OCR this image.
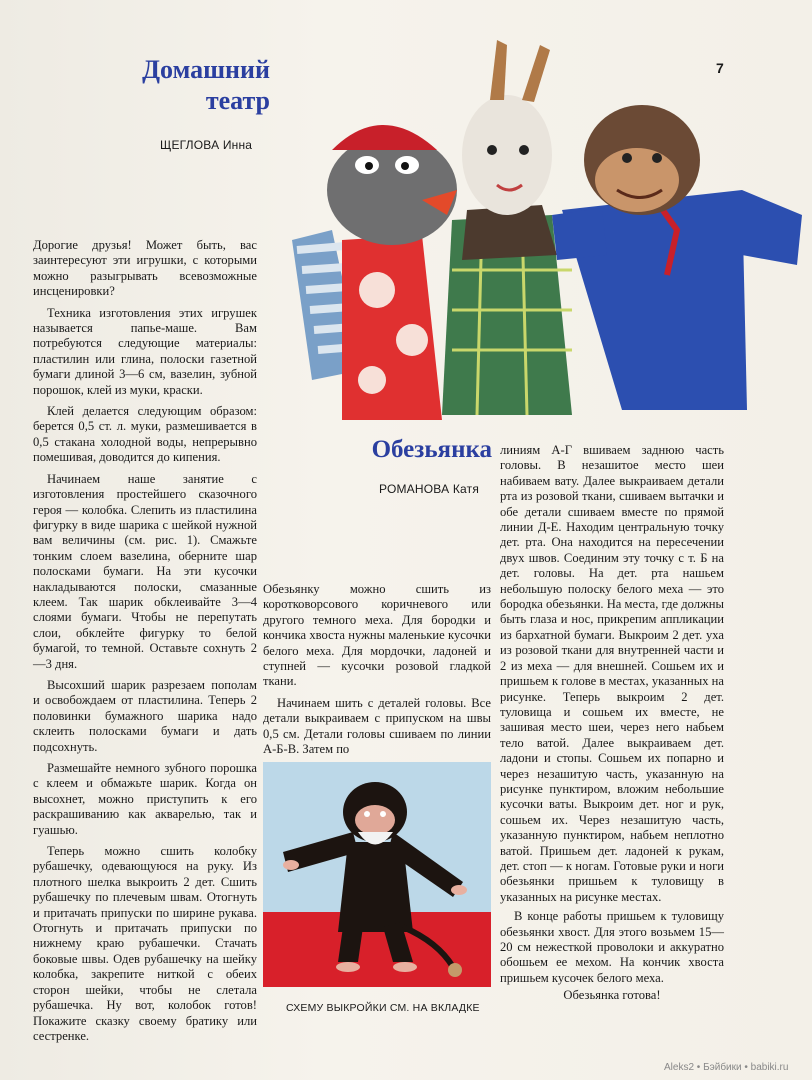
Домашний
театр
7
ЩЕГЛОВА Инна

Дорогие друзья! Может быть, вас заинтересуют эти игрушки, с которыми можно разыгрывать всевозможные инсценировки?

Техника изготовления этих игрушек называется папье-маше. Вам потребуются следующие материалы: пластилин или глина, полоски газетной бумаги длиной 3—6 см, вазелин, зубной порошок, клей из муки, краски.

Клей делается следующим образом: берется 0,5 ст. л. муки, размешивается в 0,5 стакана холодной воды, непрерывно помешивая, доводится до кипения.

Начинаем наше занятие с изготовления простейшего сказочного героя — колобка. Слепить из пластилина фигурку в виде шарика с шейкой нужной вам величины (см. рис. 1). Смажьте тонким слоем вазелина, оберните шар полосками бумаги. На эти кусочки накладываются полоски, смазанные клеем. Так шарик обклеивайте 3—4 слоями бумаги. Чтобы не перепутать слои, обклейте фигурку то белой бумагой, то темной. Оставьте сохнуть 2—3 дня.

Высохший шарик разрезаем пополам и освобождаем от пластилина. Теперь 2 половинки бумажного шарика надо склеить полосками бумаги и дать подсохнуть.

Размешайте немного зубного порошка с клеем и обмажьте шарик. Когда он высохнет, можно приступить к его раскрашиванию как акварелью, так и гуашью.

Теперь можно сшить колобку рубашечку, одевающуюся на руку. Из плотного шелка выкроить 2 дет. Сшить рубашечку по плечевым швам. Отогнуть и притачать припуски по ширине рукава. Отогнуть и притачать припуски по нижнему краю рубашечки. Стачать боковые швы. Одев рубашечку на шейку колобка, закрепите ниткой с обеих сторон шейки, чтобы не слетала рубашечка. Ну вот, колобок готов! Покажите сказку своему братику или сестренке.

Обезьянка
РОМАНОВА Катя

Обезьянку можно сшить из коротковорсового коричневого или другого темного меха. Для бородки и кончика хвоста нужны маленькие кусочки белого меха. Для мордочки, ладоней и ступней — кусочки розовой гладкой ткани.

Начинаем шить с деталей головы. Все детали выкраиваем с припуском на швы 0,5 см. Детали головы сшиваем по линии А-Б-В. Затем по

линиям А-Г вшиваем заднюю часть головы. В незашитое место шеи набиваем вату. Далее выкраиваем детали рта из розовой ткани, сшиваем вытачки и обе детали сшиваем вместе по прямой линии Д-Е. Находим центральную точку дет. рта. Она находится на пересечении двух швов. Соединим эту точку с т. Б на дет. головы. На дет. рта нашьем небольшую полоску белого меха — это бородка обезьянки. На места, где должны быть глаза и нос, прикрепим аппликации из бархатной бумаги. Выкроим 2 дет. уха из розовой ткани для внутренней части и 2 из меха — для внешней. Сошьем их и пришьем к голове в местах, указанных на рисунке. Теперь выкроим 2 дет. туловища и сошьем их вместе, не зашивая место шеи, через него набьем тело ватой. Далее выкраиваем дет. ладони и стопы. Сошьем их попарно и через незашитую часть, указанную на рисунке пунктиром, вложим небольшие кусочки ваты. Выкроим дет. ног и рук, сошьем их. Через незашитую часть, указанную пунктиром, набьем неплотно ватой. Пришьем дет. ладоней к рукам, дет. стоп — к ногам. Готовые руки и ноги обезьянки пришьем к туловищу в указанных на рисунке местах.

В конце работы пришьем к туловищу обезьянки хвост. Для этого возьмем 15—20 см нежесткой проволоки и аккуратно обошьем ее мехом. На кончик хвоста пришьем кусочек белого меха.

Обезьянка готова!

СХЕМУ ВЫКРОЙКИ СМ. НА ВКЛАДКЕ
Aleks2 • Бэйбики • babiki.ru
